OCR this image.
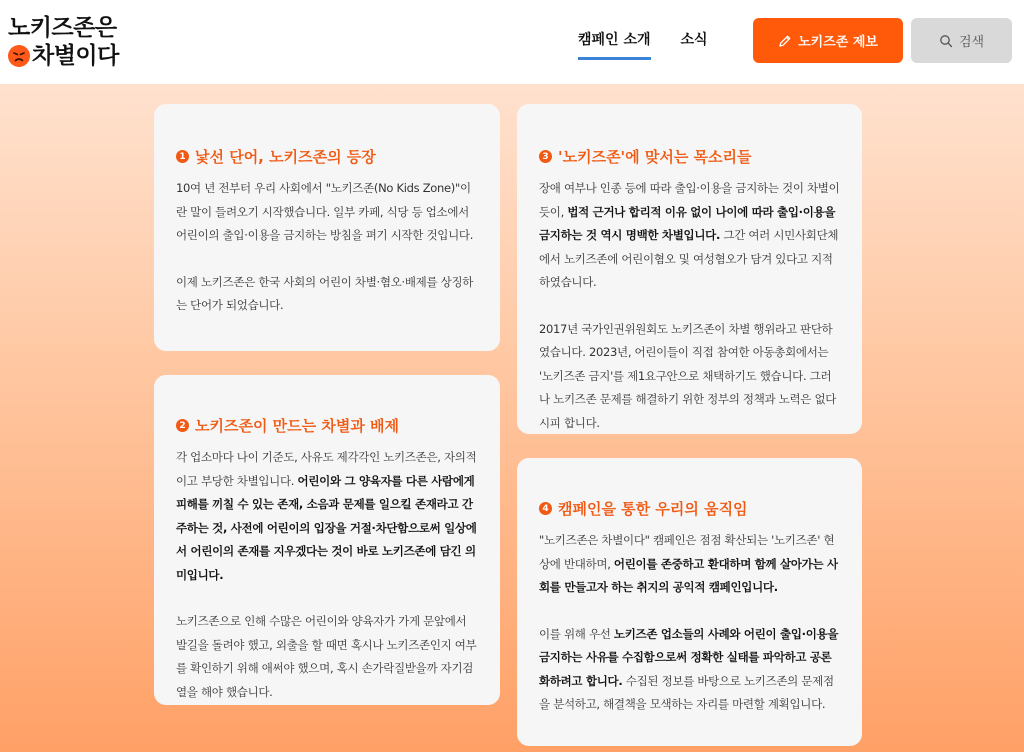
노키즈존은
차별이다
캠페인 소개 소식	노키즈존 제보	검색
1 낯선 단어, 노키즈존의 등장
10여 년 전부터 우리 사회에서 "노키즈존(No Kids Zone)"이란 말이 들려오기 시작했습니다. 일부 카페, 식당 등 업소에서 어린이의 출입·이용을 금지하는 방침을 펴기 시작한 것입니다.
이제 노키즈존은 한국 사회의 어린이 차별·혐오·배제를 상징하는 단어가 되었습니다.
2 노키즈존이 만드는 차별과 배제
각 업소마다 나이 기준도, 사유도 제각각인 노키즈존은, 자의적이고 부당한 차별입니다. 어린이와 그 양육자를 다른 사람에게 피해를 끼칠 수 있는 존재, 소음과 문제를 일으킬 존재라고 간주하는 것, 사전에 어린이의 입장을 거절·차단함으로써 일상에서 어린이의 존재를 지우겠다는 것이 바로 노키즈존에 담긴 의미입니다.
노키즈존으로 인해 수많은 어린이와 양육자가 가게 문앞에서 발길을 돌려야 했고, 외출을 할 때면 혹시나 노키즈존인지 여부를 확인하기 위해 애써야 했으며, 혹시 손가락질받을까 자기검열을 해야 했습니다.
3 '노키즈존'에 맞서는 목소리들
장애 여부나 인종 등에 따라 출입·이용을 금지하는 것이 차별이듯이, 법적 근거나 합리적 이유 없이 나이에 따라 출입·이용을 금지하는 것 역시 명백한 차별입니다. 그간 여러 시민사회단체에서 노키즈존에 어린이혐오 및 여성혐오가 담겨 있다고 지적하였습니다.
2017년 국가인권위원회도 노키즈존이 차별 행위라고 판단하였습니다. 2023년, 어린이들이 직접 참여한 아동총회에서는 '노키즈존 금지'를 제1요구안으로 채택하기도 했습니다. 그러나 노키즈존 문제를 해결하기 위한 정부의 정책과 노력은 없다시피 합니다.
4 캠페인을 통한 우리의 움직임
"노키즈존은 차별이다" 캠페인은 점점 확산되는 '노키즈존' 현상에 반대하며, 어린이를 존중하고 환대하며 함께 살아가는 사회를 만들고자 하는 취지의 공익적 캠페인입니다.
이를 위해 우선 노키즈존 업소들의 사례와 어린이 출입·이용을 금지하는 사유를 수집함으로써 정확한 실태를 파악하고 공론화하려고 합니다. 수집된 정보를 바탕으로 노키즈존의 문제점을 분석하고, 해결책을 모색하는 자리를 마련할 계획입니다.
